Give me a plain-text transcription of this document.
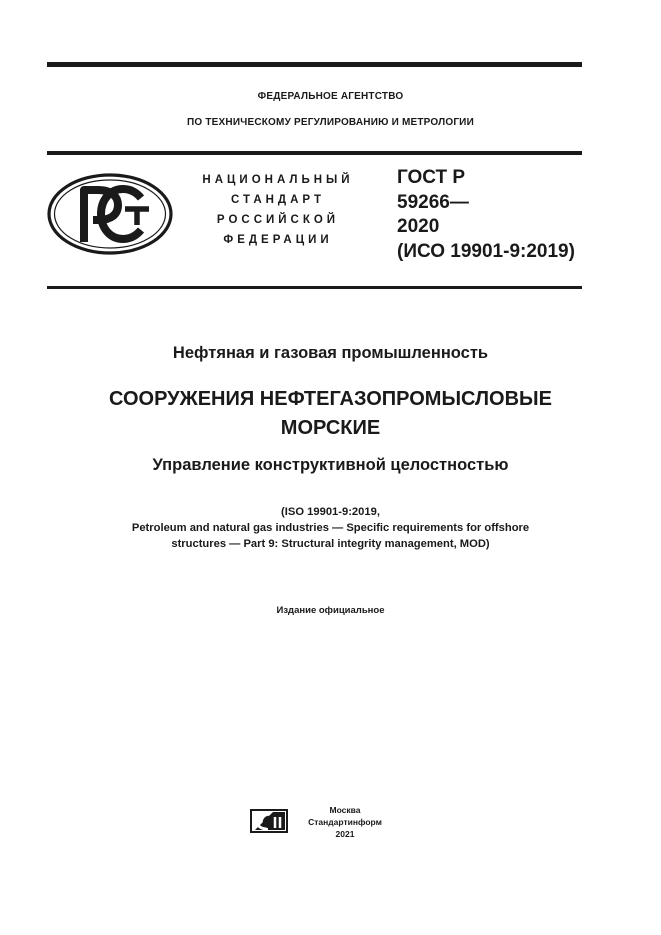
ФЕДЕРАЛЬНОЕ АГЕНТСТВО
ПО ТЕХНИЧЕСКОМУ РЕГУЛИРОВАНИЮ И МЕТРОЛОГИИ
НАЦИОНАЛЬНЫЙ
СТАНДАРТ
РОССИЙСКОЙ
ФЕДЕРАЦИИ
ГОСТ Р
59266—
2020
(ИСО 19901-9:2019)
Нефтяная и газовая промышленность
СООРУЖЕНИЯ НЕФТЕГАЗОПРОМЫСЛОВЫЕ
МОРСКИЕ
Управление конструктивной целостностью
(ISO 19901-9:2019,
Petroleum and natural gas industries — Specific requirements for offshore
structures — Part 9: Structural integrity management, MOD)
Издание официальное
Москва
Стандартинформ
2021
